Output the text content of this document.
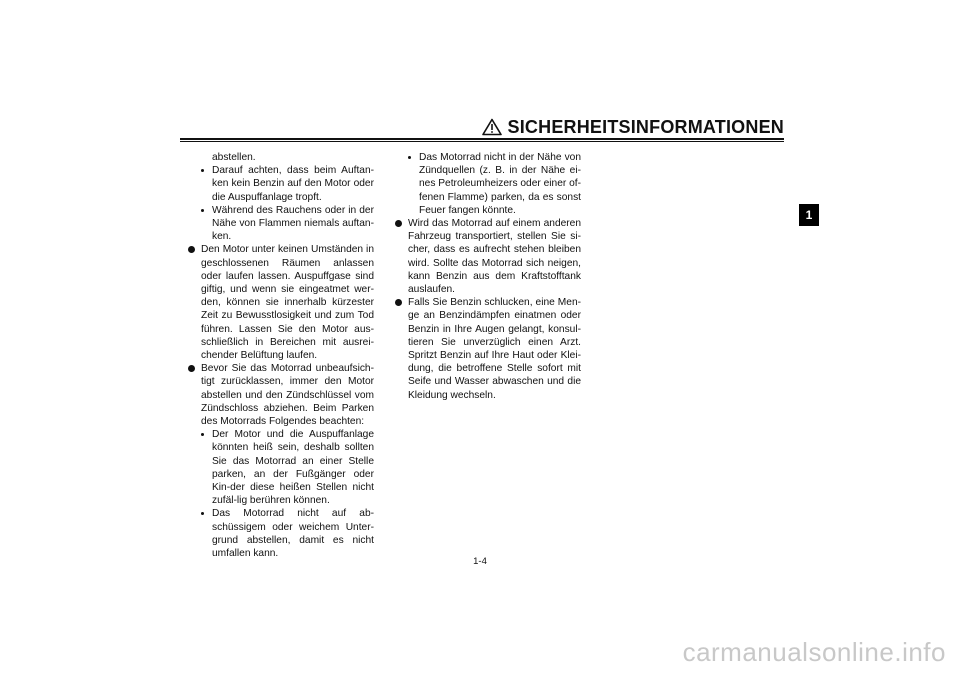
SICHERHEITSINFORMATIONEN
1

abstellen.

Darauf achten, dass beim Auftan-ken kein Benzin auf den Motor oder die Auspuffanlage tropft.

Während des Rauchens oder in der Nähe von Flammen niemals auftan-ken.

Den Motor unter keinen Umständen in geschlossenen Räumen anlassen oder laufen lassen. Auspuffgase sind giftig, und wenn sie eingeatmet wer-den, können sie innerhalb kürzester Zeit zu Bewusstlosigkeit und zum Tod führen. Lassen Sie den Motor aus-schließlich in Bereichen mit ausrei-chender Belüftung laufen.

Bevor Sie das Motorrad unbeaufsich-tigt zurücklassen, immer den Motor abstellen und den Zündschlüssel vom Zündschloss abziehen. Beim Parken des Motorrads Folgendes beachten:

Der Motor und die Auspuffanlage könnten heiß sein, deshalb sollten Sie das Motorrad an einer Stelle parken, an der Fußgänger oder Kin-der diese heißen Stellen nicht zufäl-lig berühren können.

Das Motorrad nicht auf ab-schüssigem oder weichem Unter-grund abstellen, damit es nicht umfallen kann.

Das Motorrad nicht in der Nähe von Zündquellen (z. B. in der Nähe ei-nes Petroleumheizers oder einer of-fenen Flamme) parken, da es sonst Feuer fangen könnte.

Wird das Motorrad auf einem anderen Fahrzeug transportiert, stellen Sie si-cher, dass es aufrecht stehen bleiben wird. Sollte das Motorrad sich neigen, kann Benzin aus dem Kraftstofftank auslaufen.

Falls Sie Benzin schlucken, eine Men-ge an Benzindämpfen einatmen oder Benzin in Ihre Augen gelangt, konsul-tieren Sie unverzüglich einen Arzt. Spritzt Benzin auf Ihre Haut oder Klei-dung, die betroffene Stelle sofort mit Seife und Wasser abwaschen und die Kleidung wechseln.

1-4
carmanualsonline.info
